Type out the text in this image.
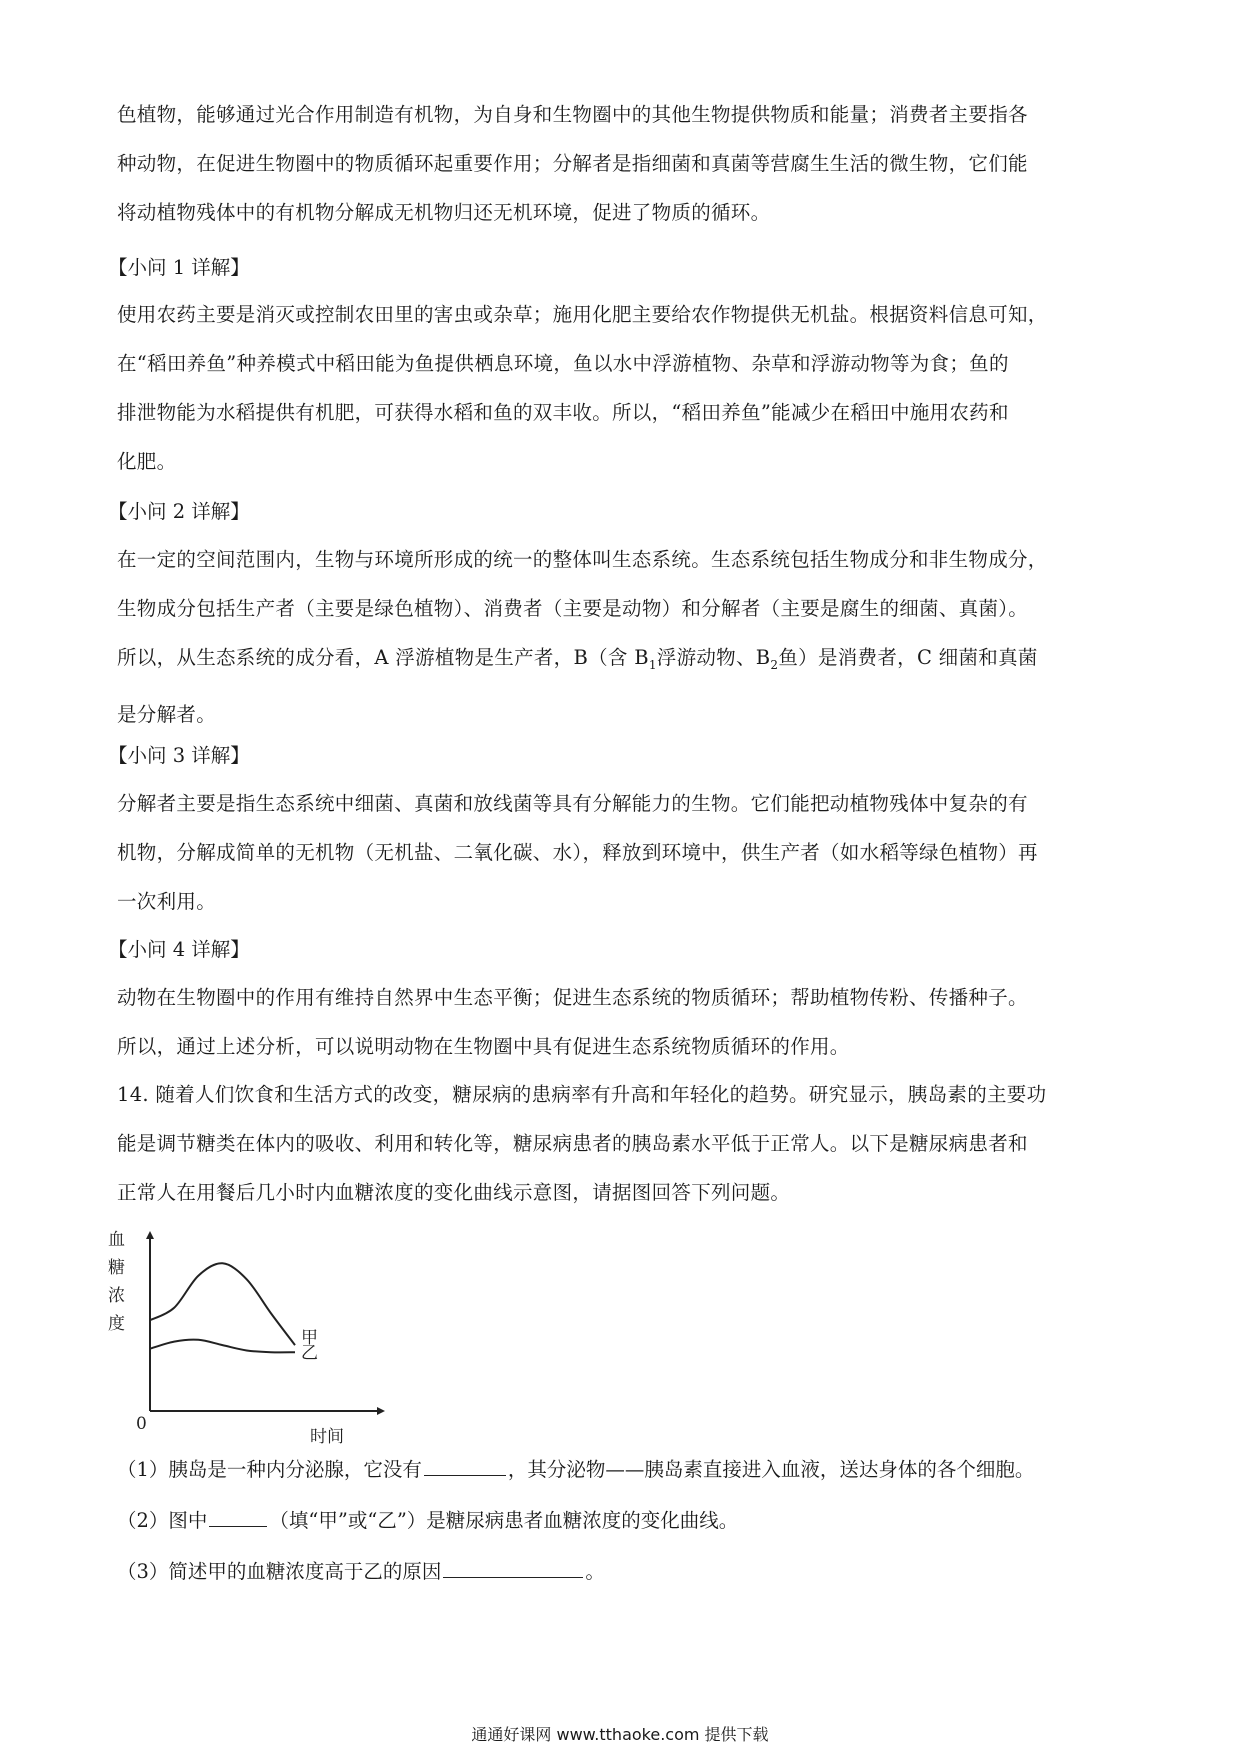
色植物，能够通过光合作用制造有机物，为自身和生物圈中的其他生物提供物质和能量；消费者主要指各
种动物，在促进生物圈中的物质循环起重要作用；分解者是指细菌和真菌等营腐生生活的微生物，它们能
将动植物残体中的有机物分解成无机物归还无机环境，促进了物质的循环。
【小问 1 详解】
使用农药主要是消灭或控制农田里的害虫或杂草；施用化肥主要给农作物提供无机盐。根据资料信息可知，
在“稻田养鱼”种养模式中稻田能为鱼提供栖息环境，鱼以水中浮游植物、杂草和浮游动物等为食；鱼的
排泄物能为水稻提供有机肥，可获得水稻和鱼的双丰收。所以，“稻田养鱼”能减少在稻田中施用农药和
化肥。
【小问 2 详解】
在一定的空间范围内，生物与环境所形成的统一的整体叫生态系统。生态系统包括生物成分和非生物成分，
生物成分包括生产者（主要是绿色植物）、消费者（主要是动物）和分解者（主要是腐生的细菌、真菌）。
所以，从生态系统的成分看，A 浮游植物是生产者，B（含 $B_1$浮游动物、$B_2$鱼）是消费者，C 细菌和真菌
是分解者。
【小问 3 详解】
分解者主要是指生态系统中细菌、真菌和放线菌等具有分解能力的生物。它们能把动植物残体中复杂的有
机物，分解成简单的无机物（无机盐、二氧化碳、水），释放到环境中，供生产者（如水稻等绿色植物）再
一次利用。
【小问 4 详解】
动物在生物圈中的作用有维持自然界中生态平衡；促进生态系统的物质循环；帮助植物传粉、传播种子。
所以，通过上述分析，可以说明动物在生物圈中具有促进生态系统物质循环的作用。
14. 随着人们饮食和生活方式的改变，糖尿病的患病率有升高和年轻化的趋势。研究显示，胰岛素的主要功
能是调节糖类在体内的吸收、利用和转化等，糖尿病患者的胰岛素水平低于正常人。以下是糖尿病患者和
正常人在用餐后几小时内血糖浓度的变化曲线示意图，请据图回答下列问题。
血
糖
浓
度
0
时间
甲
乙
（1）胰岛是一种内分泌腺，它没有	，其分泌物——胰岛素直接进入血液，送达身体的各个细胞。
（2）图中	（填“甲”或“乙”）是糖尿病患者血糖浓度的变化曲线。
（3）简述甲的血糖浓度高于乙的原因	。
通通好课网 www.tthaoke.com 提供下载
